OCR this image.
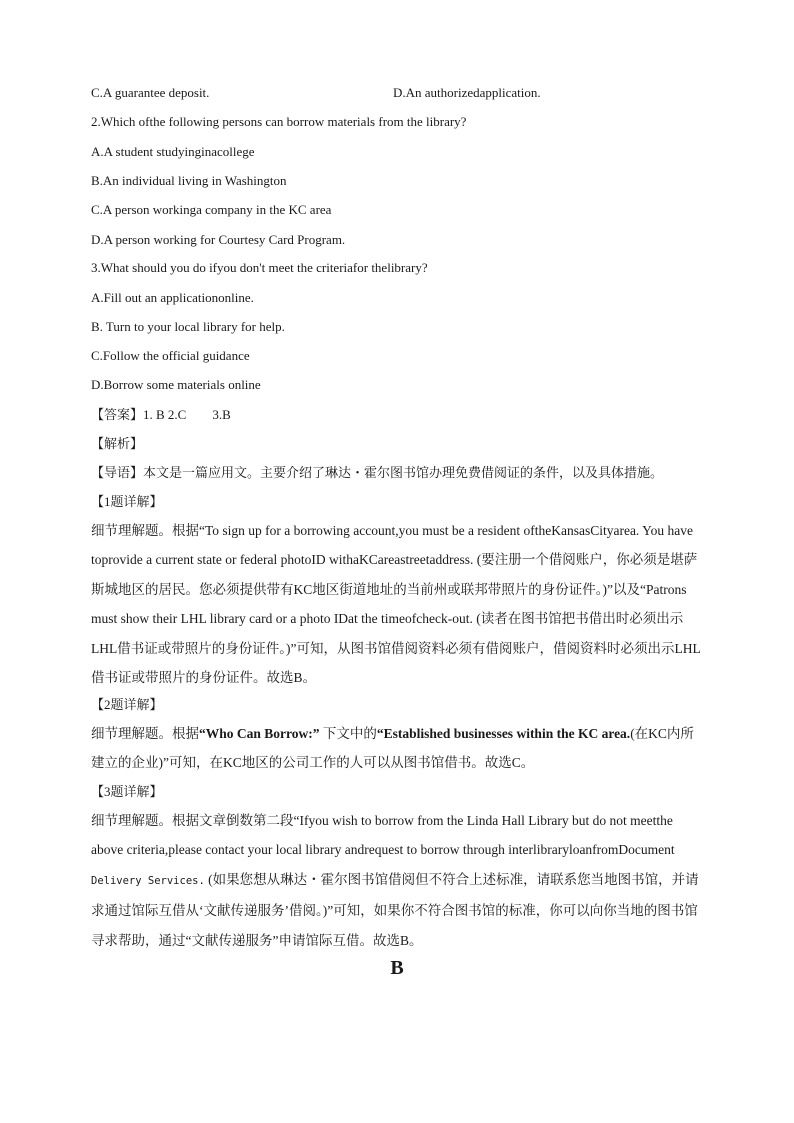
C.A guarantee deposit.	D.An authorizedapplication.
2.Which ofthe following persons can borrow materials from the library?
A.A student studyinginacollege
B.An individual living in Washington
C.A person workinga company in the KC area
D.A person working for Courtesy Card Program.
3.What should you do ifyou don't meet the criteriafor thelibrary?
A.Fill out an applicationonline.
B. Turn to your local library for help.
C.Follow the official guidance
D.Borrow some materials online
【答案】1. B 2.C        3.B
【解析】
【导语】本文是一篇应用文。主要介绍了琳达・霍尔图书馆办理免费借阅证的条件，以及具体措施。
【1题详解】
细节理解题。根据“To sign up for a borrowing account,you must be a resident oftheKansasCityarea. You have toprovide a current state or federal photoID withaKCareastreetaddress. (要注册一个借阅账户，你必须是堪萨斯城地区的居民。您必须提供带有KC地区街道地址的当前州或联邦带照片的身份证件。)”以及“Patrons must show their LHL library card or a photo IDat the timeofcheck-out. (读者在图书馆把书借出时必须出示LHL借书证或带照片的身份证件。)”可知，从图书馆借阅资料必须有借阅账户，借阅资料时必须出示LHL借书证或带照片的身份证件。故选B。
【2题详解】
细节理解题。根据“Who Can Borrow:” 下文中的“Established businesses within the KC area.(在KC内所建立的企业)”可知，在KC地区的公司工作的人可以从图书馆借书。故选C。
【3题详解】
细节理解题。根据文章倒数第二段“Ifyou wish to borrow from the Linda Hall Library but do not meetthe above criteria,please contact your local library andrequest to borrow through interlibraryloanfromDocument Delivery Services. (如果您想从琳达・霍尔图书馆借阅但不符合上述标准，请联系您当地图书馆，并请求通过馆际互借从‘文献传递服务’借阅。)”可知，如果你不符合图书馆的标准，你可以向你当地的图书馆寻求帮助，通过“文献传递服务”申请馆际互借。故选B。
B
